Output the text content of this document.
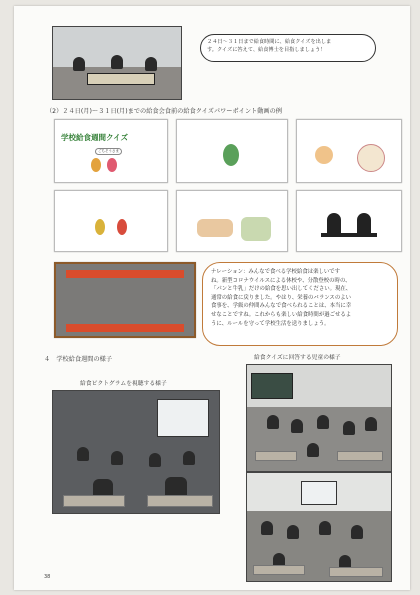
２４日～３１日まで給食時間に、給食クイズを出しま
す。クイズに答えて、給食博士を目指しましょう！
（2）２４日(月)～３１日(月)までの給食会食前の給食クイズパワーポイント動画の例
学校給食週間クイズ
ごちそうさま
ナレーション：みんなで食べる学校給食は楽しいです
ね。新型コロナウイルスによる休校や、分散登校の時の、
「パンと牛乳」だけの給食を思い出してください。現在、
通常の給食に戻りました。やはり、栄養のバランスのよい
食事を、学級の仲間みんなで食べられることは、本当に幸
せなことですね。これからも楽しい給食時間が過ごせるよ
うに、ルールを守って学校生活を送りましょう。
４　学校給食週間の様子	給食クイズに回答する児童の様子
給食ピクトグラムを視聴する様子
38
